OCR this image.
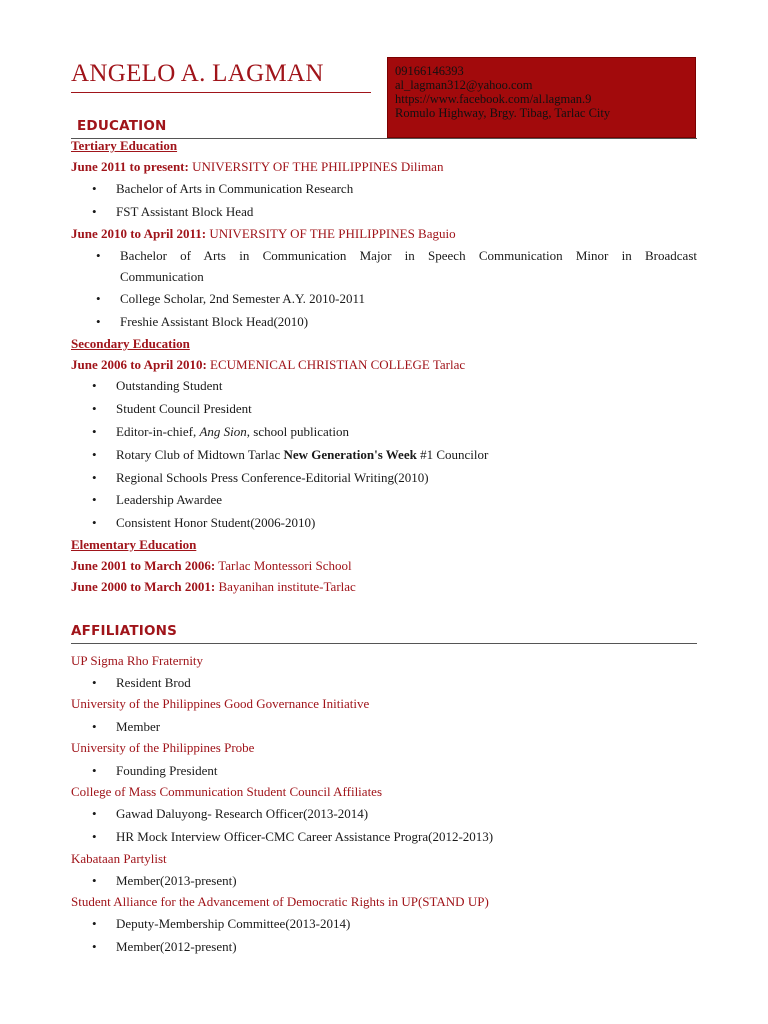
ANGELO A. LAGMAN	09166146393
al_lagman312@yahoo.com
https://www.facebook.com/al.lagman.9
Romulo Highway, Brgy. Tibag, Tarlac City
EDUCATION
Tertiary Education
June 2011 to present: UNIVERSITY OF THE PHILIPPINES Diliman
• Bachelor of Arts in Communication Research
• FST Assistant Block Head
June 2010 to April 2011: UNIVERSITY OF THE PHILIPPINES Baguio
• Bachelor of Arts in Communication Major in Speech Communication Minor in Broadcast
Communication
• College Scholar, 2nd Semester A.Y. 2010-2011
• Freshie Assistant Block Head(2010)
Secondary Education
June 2006 to April 2010: ECUMENICAL CHRISTIAN COLLEGE Tarlac
• Outstanding Student
• Student Council President
• Editor-in-chief, Ang Sion, school publication
• Rotary Club of Midtown Tarlac New Generation's Week #1 Councilor
• Regional Schools Press Conference-Editorial Writing(2010)
• Leadership Awardee
• Consistent Honor Student(2006-2010)
Elementary Education
June 2001 to March 2006: Tarlac Montessori School
June 2000 to March 2001: Bayanihan institute-Tarlac
AFFILIATIONS
UP Sigma Rho Fraternity
• Resident Brod
University of the Philippines Good Governance Initiative
• Member
University of the Philippines Probe
• Founding President
College of Mass Communication Student Council Affiliates
• Gawad Daluyong- Research Officer(2013-2014)
• HR Mock Interview Officer-CMC Career Assistance Progra(2012-2013)
Kabataan Partylist
• Member(2013-present)
Student Alliance for the Advancement of Democratic Rights in UP(STAND UP)
• Deputy-Membership Committee(2013-2014)
• Member(2012-present)
